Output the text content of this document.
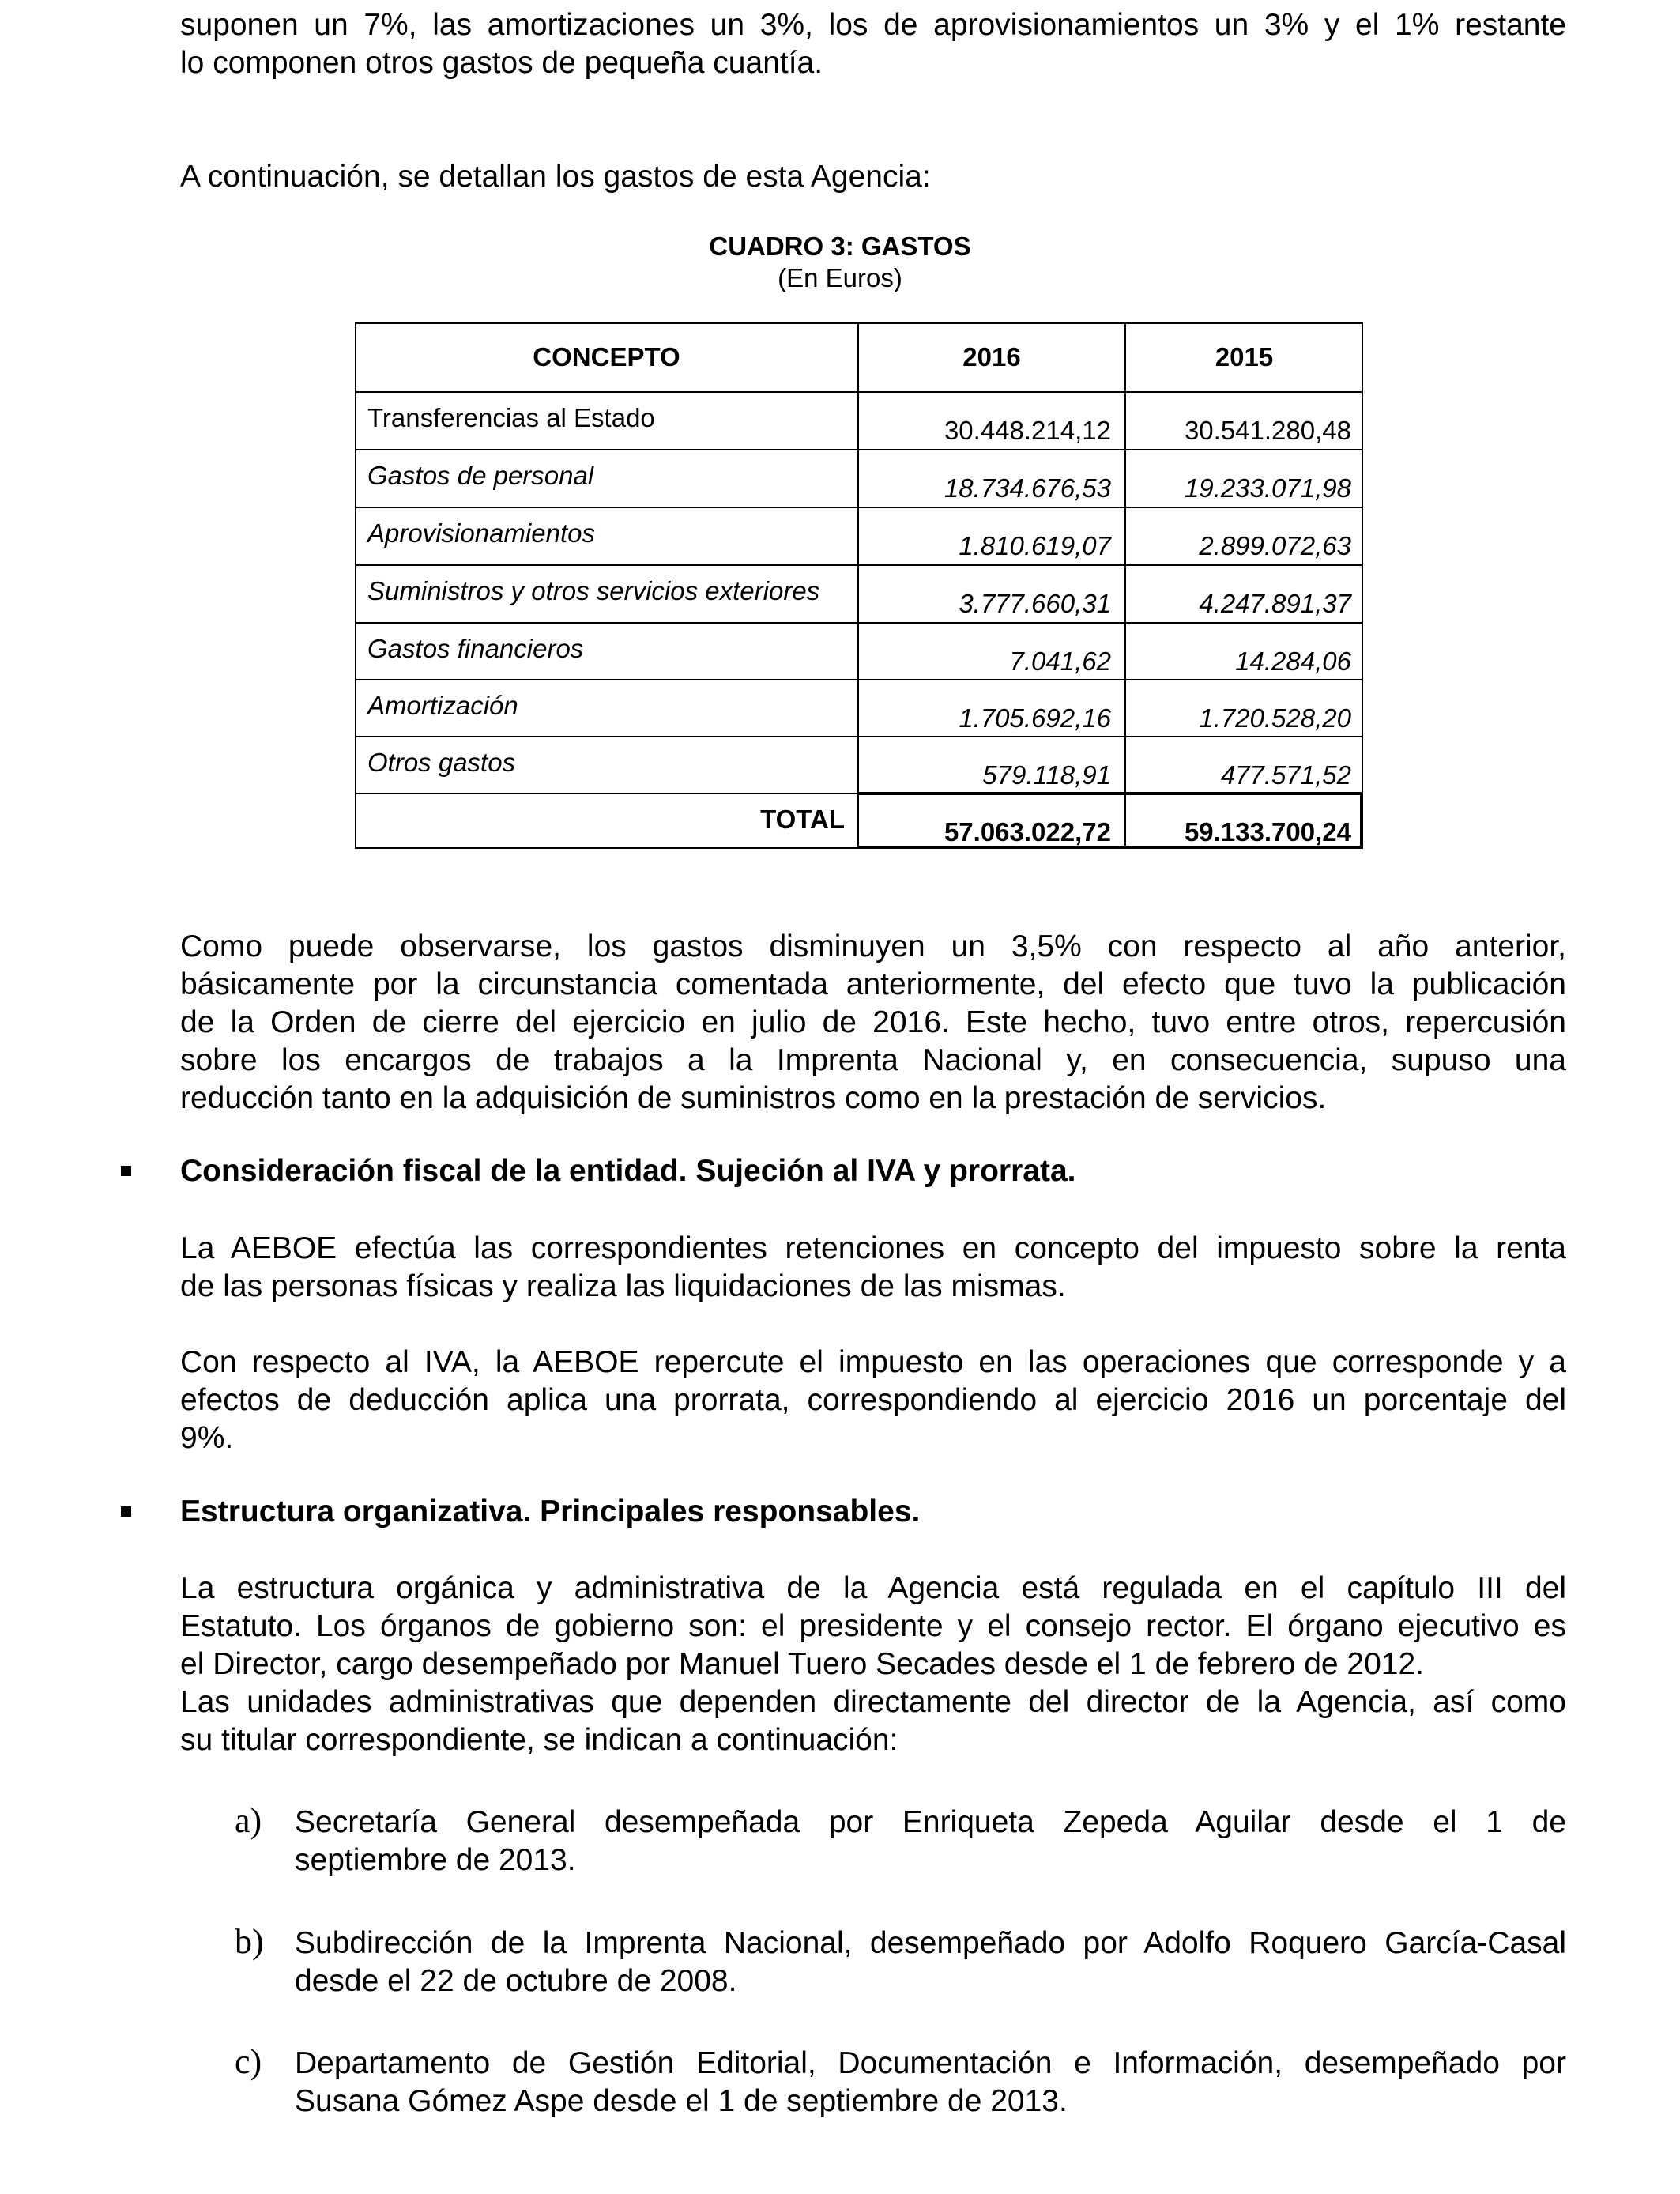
suponen un 7%, las amortizaciones un 3%, los de aprovisionamientos un 3% y el 1% restante
lo componen otros gastos de pequeña cuantía.

A continuación, se detallan los gastos de esta Agencia:

CUADRO 3: GASTOS

(En Euros)

CONCEPTO	2016	2015
Transferencias al Estado	30.448.214,12	30.541.280,48
Gastos de personal	18.734.676,53	19.233.071,98
Aprovisionamientos	1.810.619,07	2.899.072,63
Suministros y otros servicios exteriores	3.777.660,31	4.247.891,37
Gastos financieros	7.041,62	14.284,06
Amortización	1.705.692,16	1.720.528,20
Otros gastos	579.118,91	477.571,52
TOTAL	57.063.022,72	59.133.700,24

Como puede observarse, los gastos disminuyen un 3,5% con respecto al año anterior,
básicamente por la circunstancia comentada anteriormente, del efecto que tuvo la publicación
de la Orden de cierre del ejercicio en julio de 2016. Este hecho, tuvo entre otros, repercusión
sobre los encargos de trabajos a la Imprenta Nacional y, en consecuencia, supuso una
reducción tanto en la adquisición de suministros como en la prestación de servicios.

Consideración fiscal de la entidad. Sujeción al IVA y prorrata.

La AEBOE efectúa las correspondientes retenciones en concepto del impuesto sobre la renta
de las personas físicas y realiza las liquidaciones de las mismas.

Con respecto al IVA, la AEBOE repercute el impuesto en las operaciones que corresponde y a
efectos de deducción aplica una prorrata, correspondiendo al ejercicio 2016 un porcentaje del
9%.

Estructura organizativa. Principales responsables.

La estructura orgánica y administrativa de la Agencia está regulada en el capítulo III del
Estatuto. Los órganos de gobierno son: el presidente y el consejo rector. El órgano ejecutivo es
el Director, cargo desempeñado por Manuel Tuero Secades desde el 1 de febrero de 2012.
Las unidades administrativas que dependen directamente del director de la Agencia, así como
su titular correspondiente, se indican a continuación:

a) Secretaría General desempeñada por Enriqueta Zepeda Aguilar desde el 1 de
septiembre de 2013.

b) Subdirección de la Imprenta Nacional, desempeñado por Adolfo Roquero García-Casal
desde el 22 de octubre de 2008.

c) Departamento de Gestión Editorial, Documentación e Información, desempeñado por
Susana Gómez Aspe desde el 1 de septiembre de 2013.
